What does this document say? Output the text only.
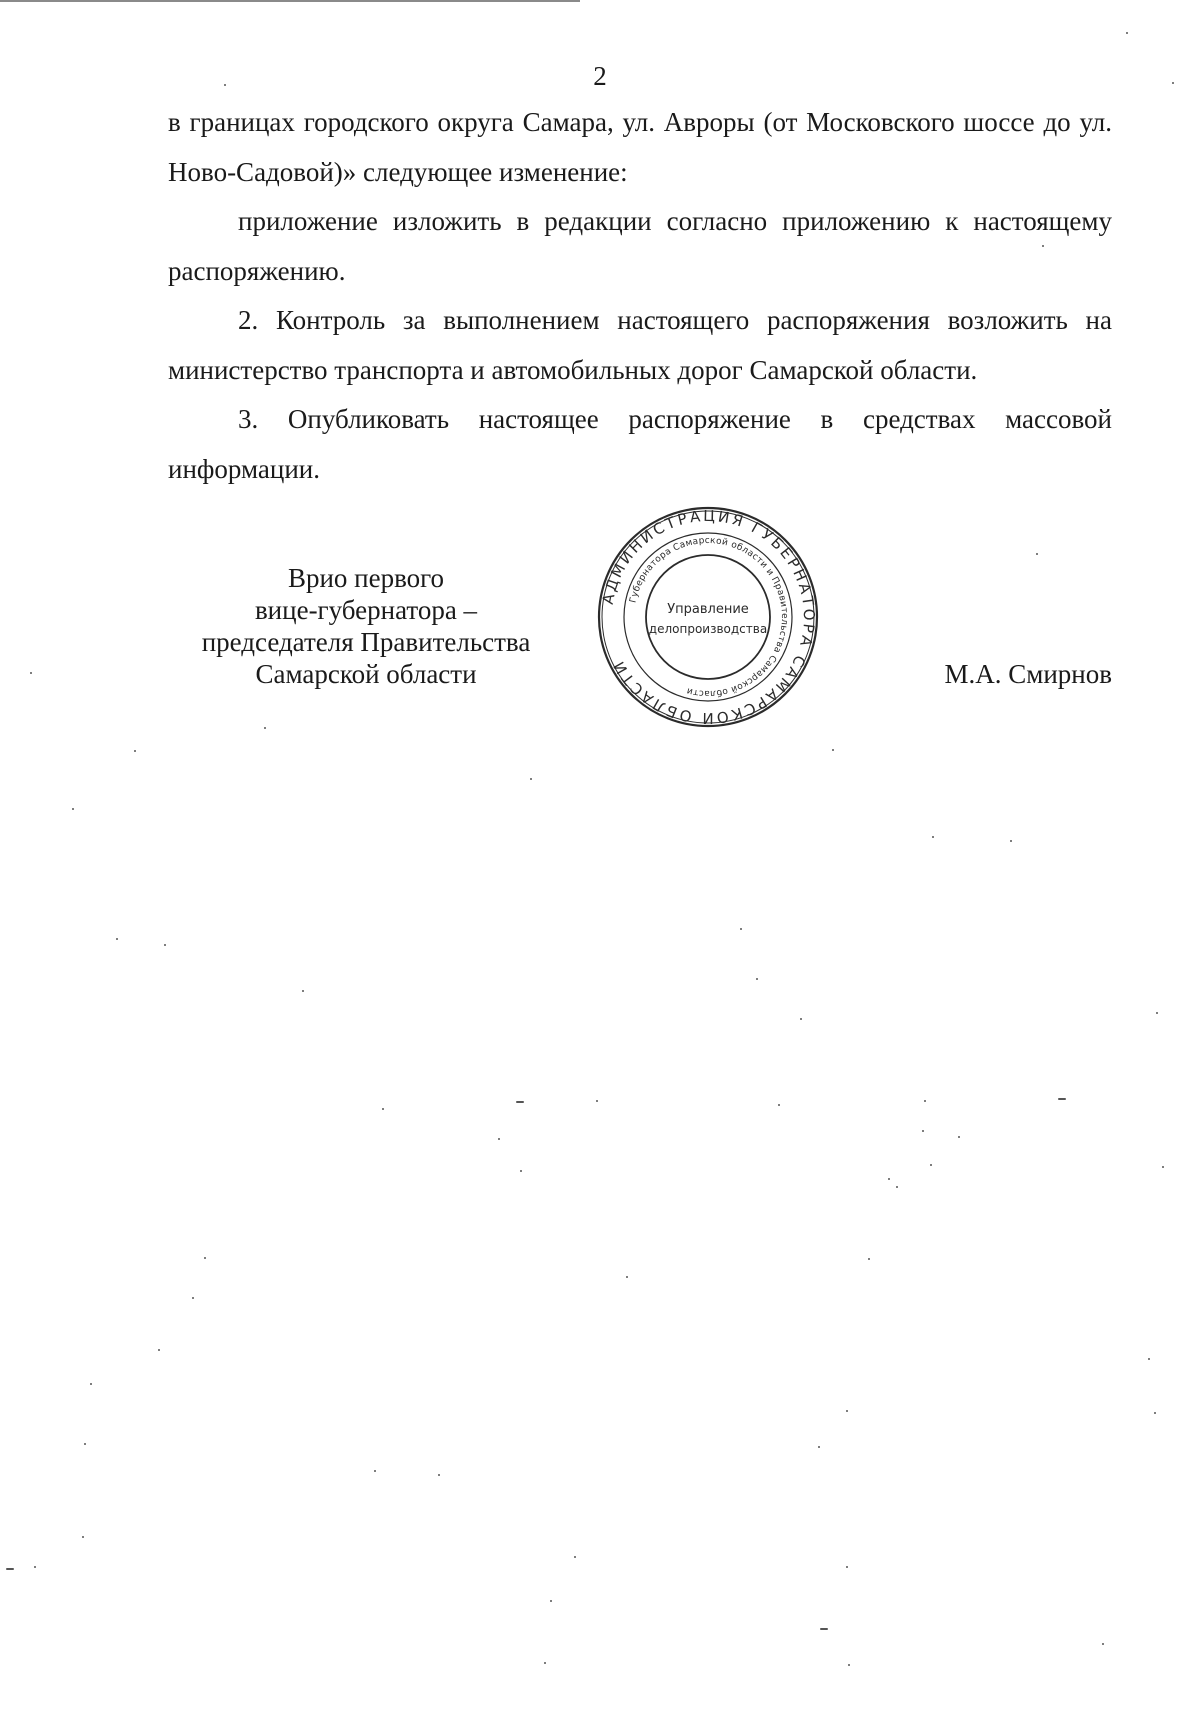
2

в границах городского округа Самара, ул. Авроры (от Московского шоссе до ул. Ново-Садовой)» следующее изменение:

приложение изложить в редакции согласно приложению к настоящему распоряжению.

2. Контроль за выполнением настоящего распоряжения возложить на министерство транспорта и автомобильных дорог Самарской области.

3. Опубликовать настоящее распоряжение в средствах массовой информации.

Врио первого
вице-губернатора –
председателя Правительства
Самарской области
АДМИНИСТРАЦИЯ ГУБЕРНАТОРА САМАРСКОЙ ОБЛАСТИ
Губернатора Самарской области и Правительства Самарской области
Управление
делопроизводства
М.А. Смирнов
